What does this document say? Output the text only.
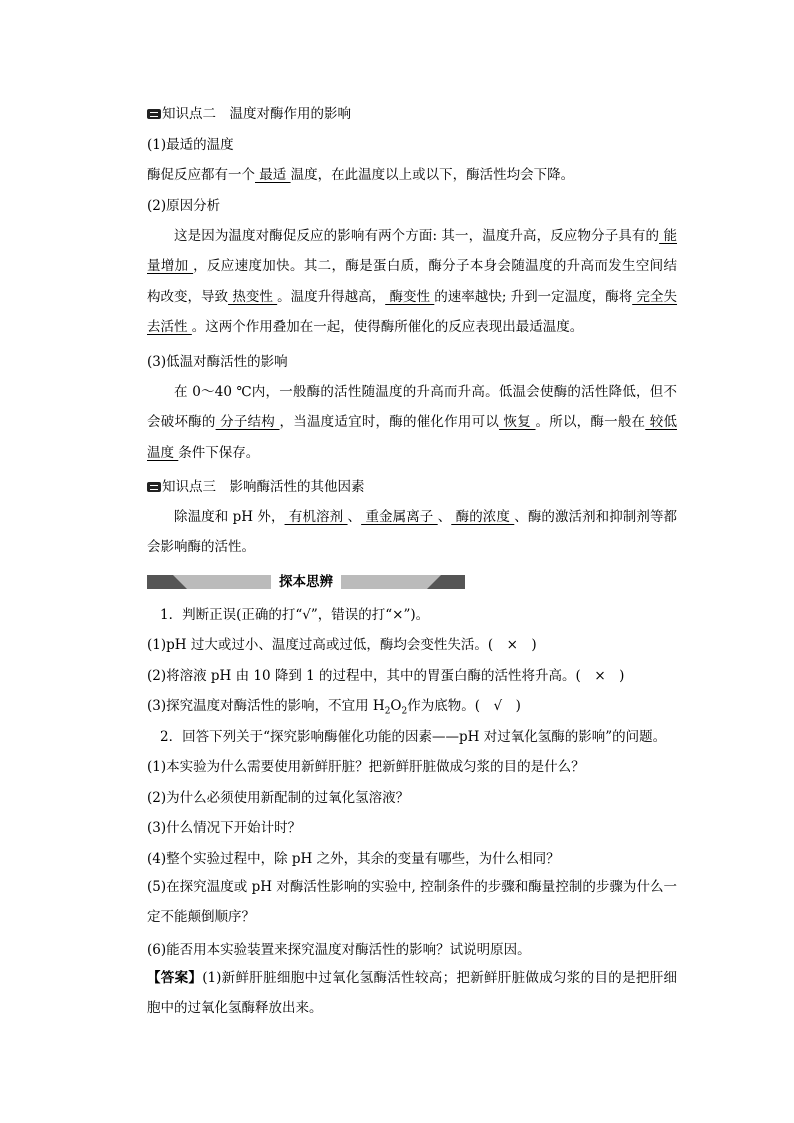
知识点二　温度对酶作用的影响
(1)最适的温度
酶促反应都有一个 最适 温度，在此温度以上或以下，酶活性均会下降。
(2)原因分析

这是因为温度对酶促反应的影响有两个方面: 其一，温度升高，反应物分子具有的 能量增加 ，反应速度加快。其二，酶是蛋白质，酶分子本身会随温度的升高而发生空间结构改变，导致 热变性 。温度升得越高， 酶变性 的速率越快; 升到一定温度，酶将 完全失去活性 。这两个作用叠加在一起，使得酶所催化的反应表现出最适温度。

(3)低温对酶活性的影响

在 0～40 ℃内，一般酶的活性随温度的升高而升高。低温会使酶的活性降低，但不会破坏酶的 分子结构 ，当温度适宜时，酶的催化作用可以 恢复 。所以，酶一般在 较低温度 条件下保存。

知识点三　影响酶活性的其他因素

除温度和 pH 外， 有机溶剂 、 重金属离子 、 酶的浓度 、酶的激活剂和抑制剂等都会影响酶的活性。

探本思辨
1．判断正误(正确的打“√”，错误的打“×”)。
(1)pH 过大或过小、温度过高或过低，酶均会变性失活。(　×　)
(2)将溶液 pH 由 10 降到 1 的过程中，其中的胃蛋白酶的活性将升高。(　×　)
(3)探究温度对酶活性的影响，不宜用 $H_2O_2$作为底物。(　√　)
2．回答下列关于“探究影响酶催化功能的因素——pH 对过氧化氢酶的影响”的问题。
(1)本实验为什么需要使用新鲜肝脏？把新鲜肝脏做成匀浆的目的是什么？
(2)为什么必须使用新配制的过氧化氢溶液？
(3)什么情况下开始计时？
(4)整个实验过程中，除 pH 之外，其余的变量有哪些，为什么相同？

(5)在探究温度或 pH 对酶活性影响的实验中, 控制条件的步骤和酶量控制的步骤为什么一定不能颠倒顺序？

(6)能否用本实验装置来探究温度对酶活性的影响？试说明原因。

【答案】(1)新鲜肝脏细胞中过氧化氢酶活性较高；把新鲜肝脏做成匀浆的目的是把肝细胞中的过氧化氢酶释放出来。
